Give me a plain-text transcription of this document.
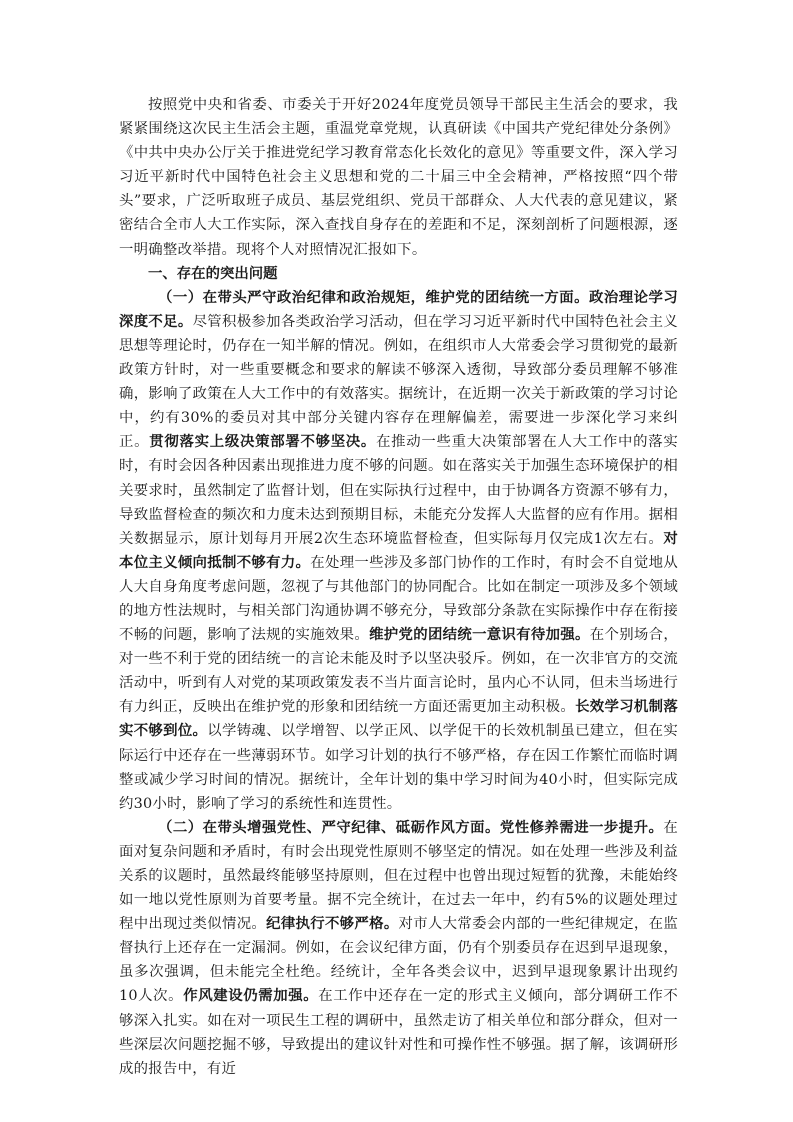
按照党中央和省委、市委关于开好2024年度党员领导干部民主生活会的要求，我紧紧围绕这次民主生活会主题，重温党章党规，认真研读《中国共产党纪律处分条例》《中共中央办公厅关于推进党纪学习教育常态化长效化的意见》等重要文件，深入学习习近平新时代中国特色社会主义思想和党的二十届三中全会精神，严格按照“四个带头”要求，广泛听取班子成员、基层党组织、党员干部群众、人大代表的意见建议，紧密结合全市人大工作实际，深入查找自身存在的差距和不足，深刻剖析了问题根源，逐一明确整改举措。现将个人对照情况汇报如下。

一、存在的突出问题

（一）在带头严守政治纪律和政治规矩，维护党的团结统一方面。政治理论学习深度不足。尽管积极参加各类政治学习活动，但在学习习近平新时代中国特色社会主义思想等理论时，仍存在一知半解的情况。例如，在组织市人大常委会学习贯彻党的最新政策方针时，对一些重要概念和要求的解读不够深入透彻，导致部分委员理解不够准确，影响了政策在人大工作中的有效落实。据统计，在近期一次关于新政策的学习讨论中，约有30%的委员对其中部分关键内容存在理解偏差，需要进一步深化学习来纠正。贯彻落实上级决策部署不够坚决。在推动一些重大决策部署在人大工作中的落实时，有时会因各种因素出现推进力度不够的问题。如在落实关于加强生态环境保护的相关要求时，虽然制定了监督计划，但在实际执行过程中，由于协调各方资源不够有力，导致监督检查的频次和力度未达到预期目标，未能充分发挥人大监督的应有作用。据相关数据显示，原计划每月开展2次生态环境监督检查，但实际每月仅完成1次左右。对本位主义倾向抵制不够有力。在处理一些涉及多部门协作的工作时，有时会不自觉地从人大自身角度考虑问题，忽视了与其他部门的协同配合。比如在制定一项涉及多个领域的地方性法规时，与相关部门沟通协调不够充分，导致部分条款在实际操作中存在衔接不畅的问题，影响了法规的实施效果。维护党的团结统一意识有待加强。在个别场合，对一些不利于党的团结统一的言论未能及时予以坚决驳斥。例如，在一次非官方的交流活动中，听到有人对党的某项政策发表不当片面言论时，虽内心不认同，但未当场进行有力纠正，反映出在维护党的形象和团结统一方面还需更加主动积极。长效学习机制落实不够到位。以学铸魂、以学增智、以学正风、以学促干的长效机制虽已建立，但在实际运行中还存在一些薄弱环节。如学习计划的执行不够严格，存在因工作繁忙而临时调整或减少学习时间的情况。据统计，全年计划的集中学习时间为40小时，但实际完成约30小时，影响了学习的系统性和连贯性。

（二）在带头增强党性、严守纪律、砥砺作风方面。党性修养需进一步提升。在面对复杂问题和矛盾时，有时会出现党性原则不够坚定的情况。如在处理一些涉及利益关系的议题时，虽然最终能够坚持原则，但在过程中也曾出现过短暂的犹豫，未能始终如一地以党性原则为首要考量。据不完全统计，在过去一年中，约有5%的议题处理过程中出现过类似情况。纪律执行不够严格。对市人大常委会内部的一些纪律规定，在监督执行上还存在一定漏洞。例如，在会议纪律方面，仍有个别委员存在迟到早退现象，虽多次强调，但未能完全杜绝。经统计，全年各类会议中，迟到早退现象累计出现约10人次。作风建设仍需加强。在工作中还存在一定的形式主义倾向，部分调研工作不够深入扎实。如在对一项民生工程的调研中，虽然走访了相关单位和部分群众，但对一些深层次问题挖掘不够，导致提出的建议针对性和可操作性不够强。据了解，该调研形成的报告中，有近
